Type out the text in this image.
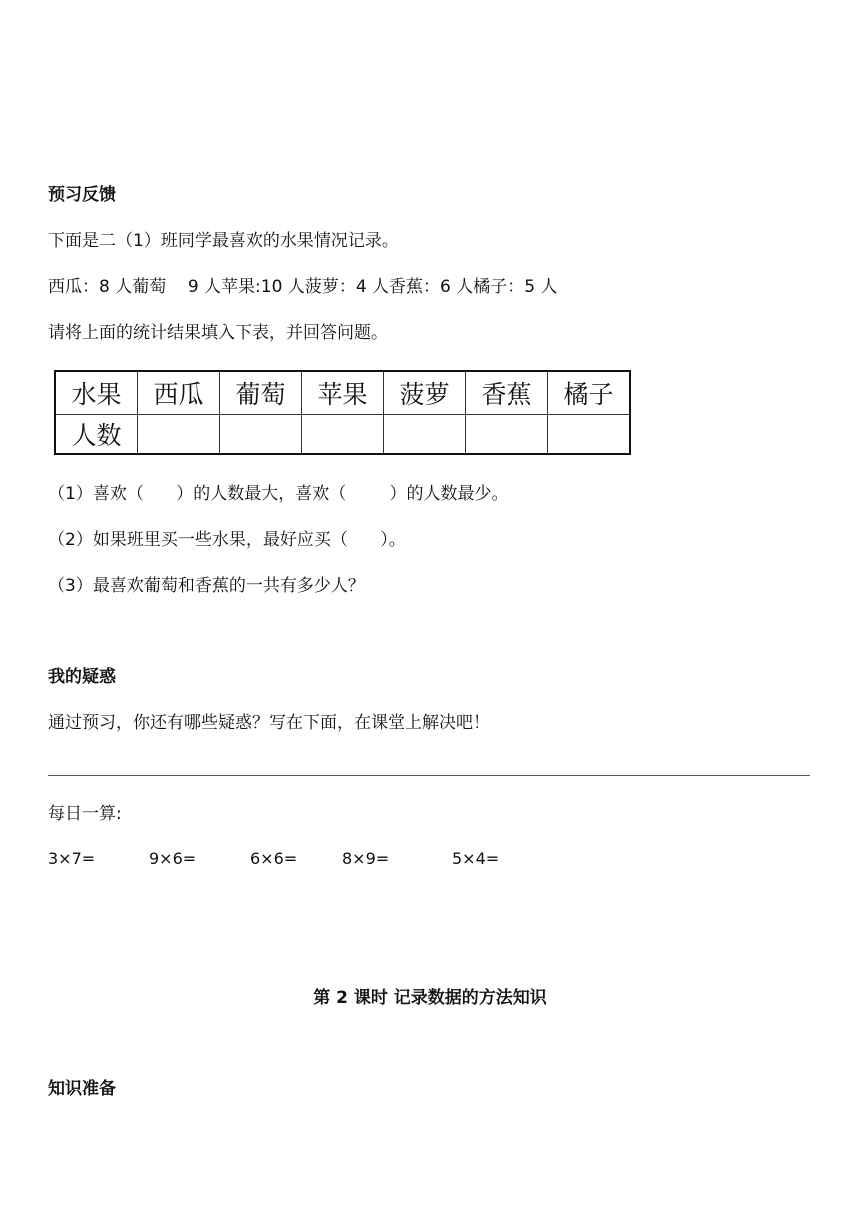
预习反馈
下面是二（1）班同学最喜欢的水果情况记录。
西瓜：8 人葡萄    9 人苹果:10 人菠萝：4 人香蕉：6 人橘子：5 人
请将上面的统计结果填入下表，并回答问题。
水果	西瓜	葡萄	苹果	菠萝	香蕉	橘子
人数						
（1）喜欢（      ）的人数最大，喜欢（        ）的人数最少。
（2）如果班里买一些水果，最好应买（      ）。
（3）最喜欢葡萄和香蕉的一共有多少人？
我的疑惑
通过预习，你还有哪些疑惑？写在下面，在课堂上解决吧！
每日一算:
3×7=	9×6=	6×6=	8×9=	5×4=
第 2 课时 记录数据的方法知识
知识准备
